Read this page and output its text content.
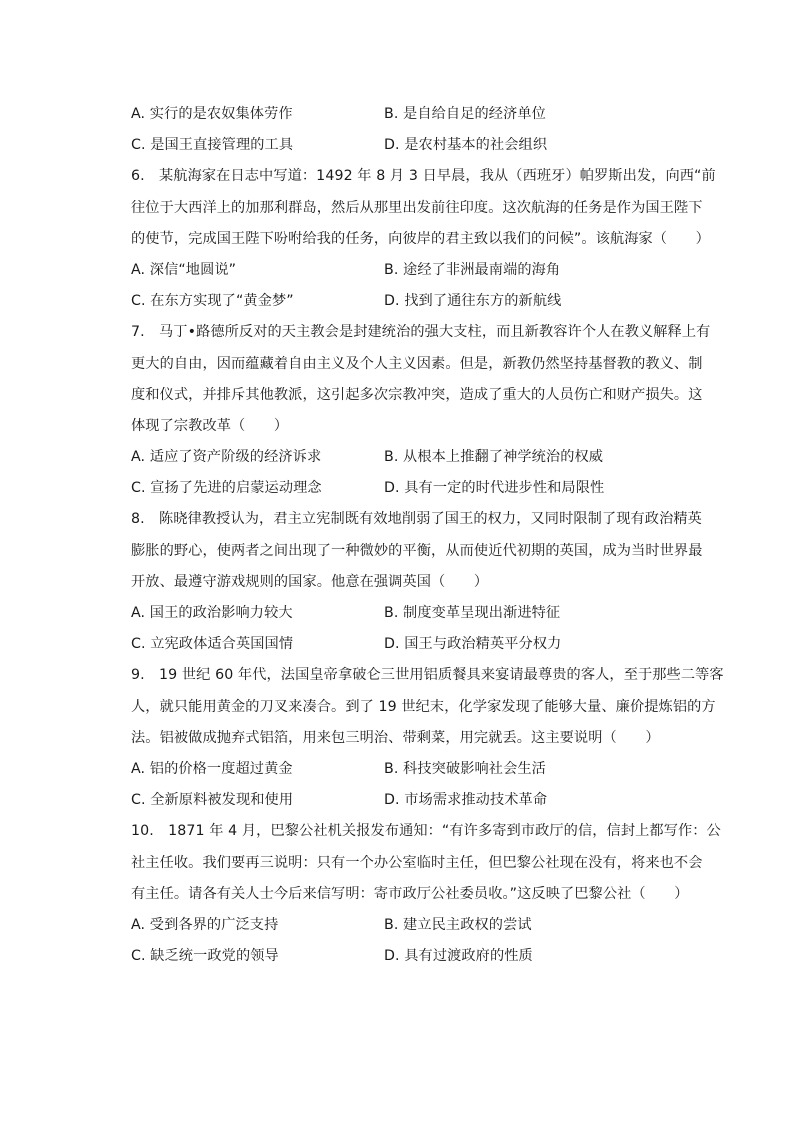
A. 实行的是农奴集体劳作	B. 是自给自足的经济单位
C. 是国王直接管理的工具	D. 是农村基本的社会组织
6.　某航海家在日志中写道：1492 年 8 月 3 日早晨，我从（西班牙）帕罗斯出发，向西“前
往位于大西洋上的加那利群岛，然后从那里出发前往印度。这次航海的任务是作为国王陛下
的使节，完成国王陛下吩咐给我的任务，向彼岸的君主致以我们的问候”。该航海家（　　）
A. 深信“地圆说”	B. 途经了非洲最南端的海角
C. 在东方实现了“黄金梦”	D. 找到了通往东方的新航线
7.　马丁•路德所反对的天主教会是封建统治的强大支柱，而且新教容许个人在教义解释上有
更大的自由，因而蕴藏着自由主义及个人主义因素。但是，新教仍然坚持基督教的教义、制
度和仪式，并排斥其他教派，这引起多次宗教冲突，造成了重大的人员伤亡和财产损失。这
体现了宗教改革（　　）
A. 适应了资产阶级的经济诉求	B. 从根本上推翻了神学统治的权威
C. 宣扬了先进的启蒙运动理念	D. 具有一定的时代进步性和局限性
8.　陈晓律教授认为，君主立宪制既有效地削弱了国王的权力，又同时限制了现有政治精英
膨胀的野心，使两者之间出现了一种微妙的平衡，从而使近代初期的英国，成为当时世界最
开放、最遵守游戏规则的国家。他意在强调英国（　　）
A. 国王的政治影响力较大	B. 制度变革呈现出渐进特征
C. 立宪政体适合英国国情	D. 国王与政治精英平分权力
9.　19 世纪 60 年代，法国皇帝拿破仑三世用铝质餐具来宴请最尊贵的客人，至于那些二等客
人，就只能用黄金的刀叉来凑合。到了 19 世纪末，化学家发现了能够大量、廉价提炼铝的方
法。铝被做成抛弃式铝箔，用来包三明治、带剩菜，用完就丢。这主要说明（　　）
A. 铝的价格一度超过黄金	B. 科技突破影响社会生活
C. 全新原料被发现和使用	D. 市场需求推动技术革命
10.　1871 年 4 月，巴黎公社机关报发布通知：“有许多寄到市政厅的信，信封上都写作：公
社主任收。我们要再三说明：只有一个办公室临时主任，但巴黎公社现在没有，将来也不会
有主任。请各有关人士今后来信写明：寄市政厅公社委员收。”这反映了巴黎公社（　　）
A. 受到各界的广泛支持	B. 建立民主政权的尝试
C. 缺乏统一政党的领导	D. 具有过渡政府的性质
